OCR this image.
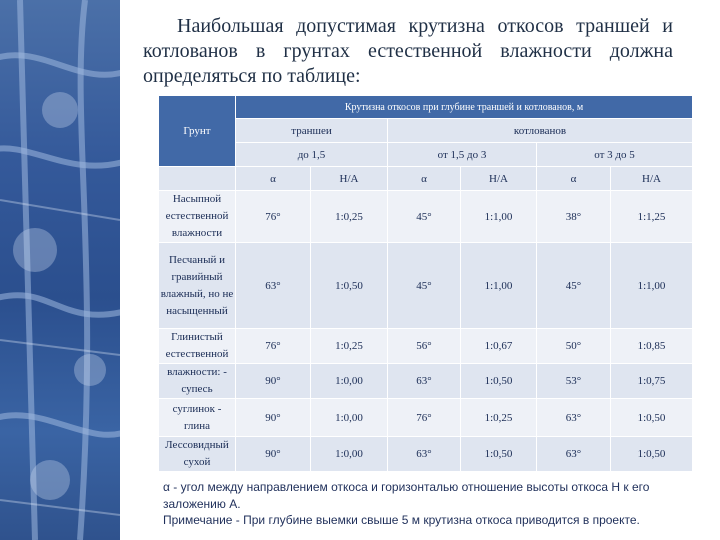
Наибольшая допустимая крутизна откосов траншей и котлованов в грунтах естественной влажности должна определяться по таблице:

Грунт	Крутизна откосов при глубине траншей и котлованов, м					
	траншеи		котлованов			
	до 1,5		от 1,5 до 3		от 3 до 5	
	α	H/A	α	H/A	α	H/A
Насыпной естественной влажности	76°	1:0,25	45°	1:1,00	38°	1:1,25
Песчаный и гравийный влажный, но не насыщенный	63°	1:0,50	45°	1:1,00	45°	1:1,00
Глинистый естественной	76°	1:0,25	56°	1:0,67	50°	1:0,85
влажности: - супесь	90°	1:0,00	63°	1:0,50	53°	1:0,75
суглинок - глина	90°	1:0,00	76°	1:0,25	63°	1:0,50
Лессовидный сухой	90°	1:0,00	63°	1:0,50	63°	1:0,50

α - угол между направлением откоса и горизонталью отношение высоты откоса Н к его заложению А.

Примечание - При глубине выемки свыше 5 м крутизна откоса приводится в проекте.
